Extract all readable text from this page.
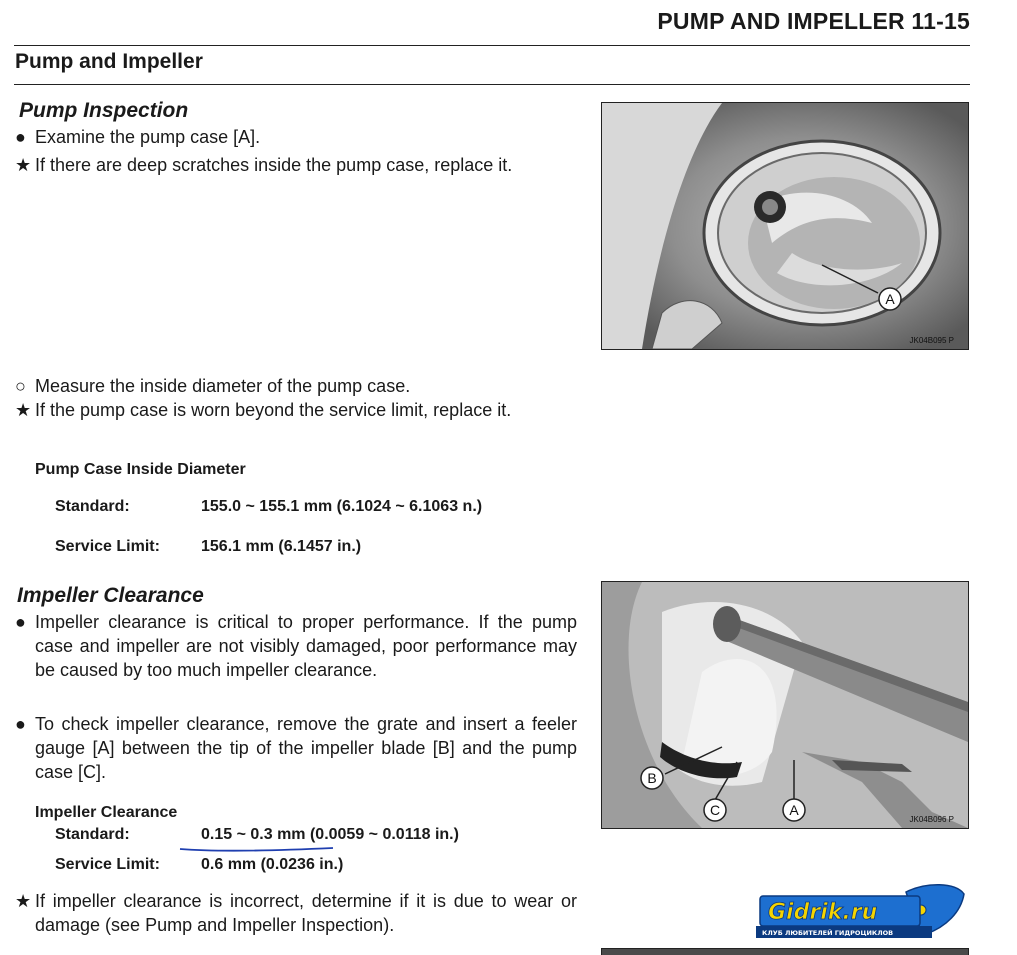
PUMP AND IMPELLER 11-15
Pump and Impeller
Pump Inspection
● Examine the pump case [A].
★ If there are deep scratches inside the pump case, replace it.
A
JK04B095 P
○ Measure the inside diameter of the pump case.
★ If the pump case is worn beyond the service limit, replace it.
Pump Case Inside Diameter
Standard:	155.0 ~ 155.1 mm (6.1024 ~ 6.1063 n.)
Service Limit:	156.1 mm (6.1457 in.)
Impeller Clearance
● Impeller clearance is critical to proper performance. If the pump case and impeller are not visibly damaged, poor performance may be caused by too much impeller clearance.
● To check impeller clearance, remove the grate and insert a feeler gauge [A] between the tip of the impeller blade [B] and the pump case [C].	B
C	A
JK04B096 P
Impeller Clearance
Standard:	0.15 ~ 0.3 mm (0.0059 ~ 0.0118 in.)
Service Limit:	0.6 mm (0.0236 in.)
★ If impeller clearance is incorrect, determine if it is due to wear or damage (see Pump and Impeller Inspection).	Gidrik.ru
КЛУБ ЛЮБИТЕЛЕЙ ГИДРОЦИКЛОВ
